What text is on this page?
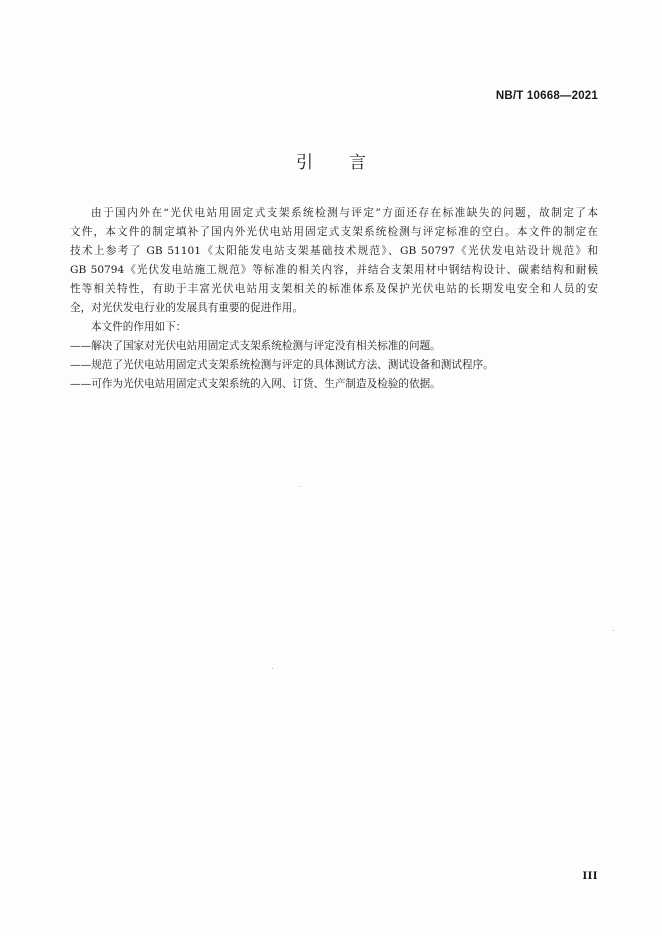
NB/T 10668—2021
引 言
由于国内外在“光伏电站用固定式支架系统检测与评定”方面还存在标准缺失的问题，故制定了本
文件，本文件的制定填补了国内外光伏电站用固定式支架系统检测与评定标准的空白。本文件的制定在
技术上参考了 GB 51101《太阳能发电站支架基础技术规范》、GB 50797《光伏发电站设计规范》和
GB 50794《光伏发电站施工规范》等标准的相关内容，并结合支架用材中钢结构设计、碳素结构和耐候
性等相关特性，有助于丰富光伏电站用支架相关的标准体系及保护光伏电站的长期发电安全和人员的安
全，对光伏发电行业的发展具有重要的促进作用。
本文件的作用如下：
——解决了国家对光伏电站用固定式支架系统检测与评定没有相关标准的问题。
——规范了光伏电站用固定式支架系统检测与评定的具体测试方法、测试设备和测试程序。
——可作为光伏电站用固定式支架系统的入网、订货、生产制造及检验的依据。
III
